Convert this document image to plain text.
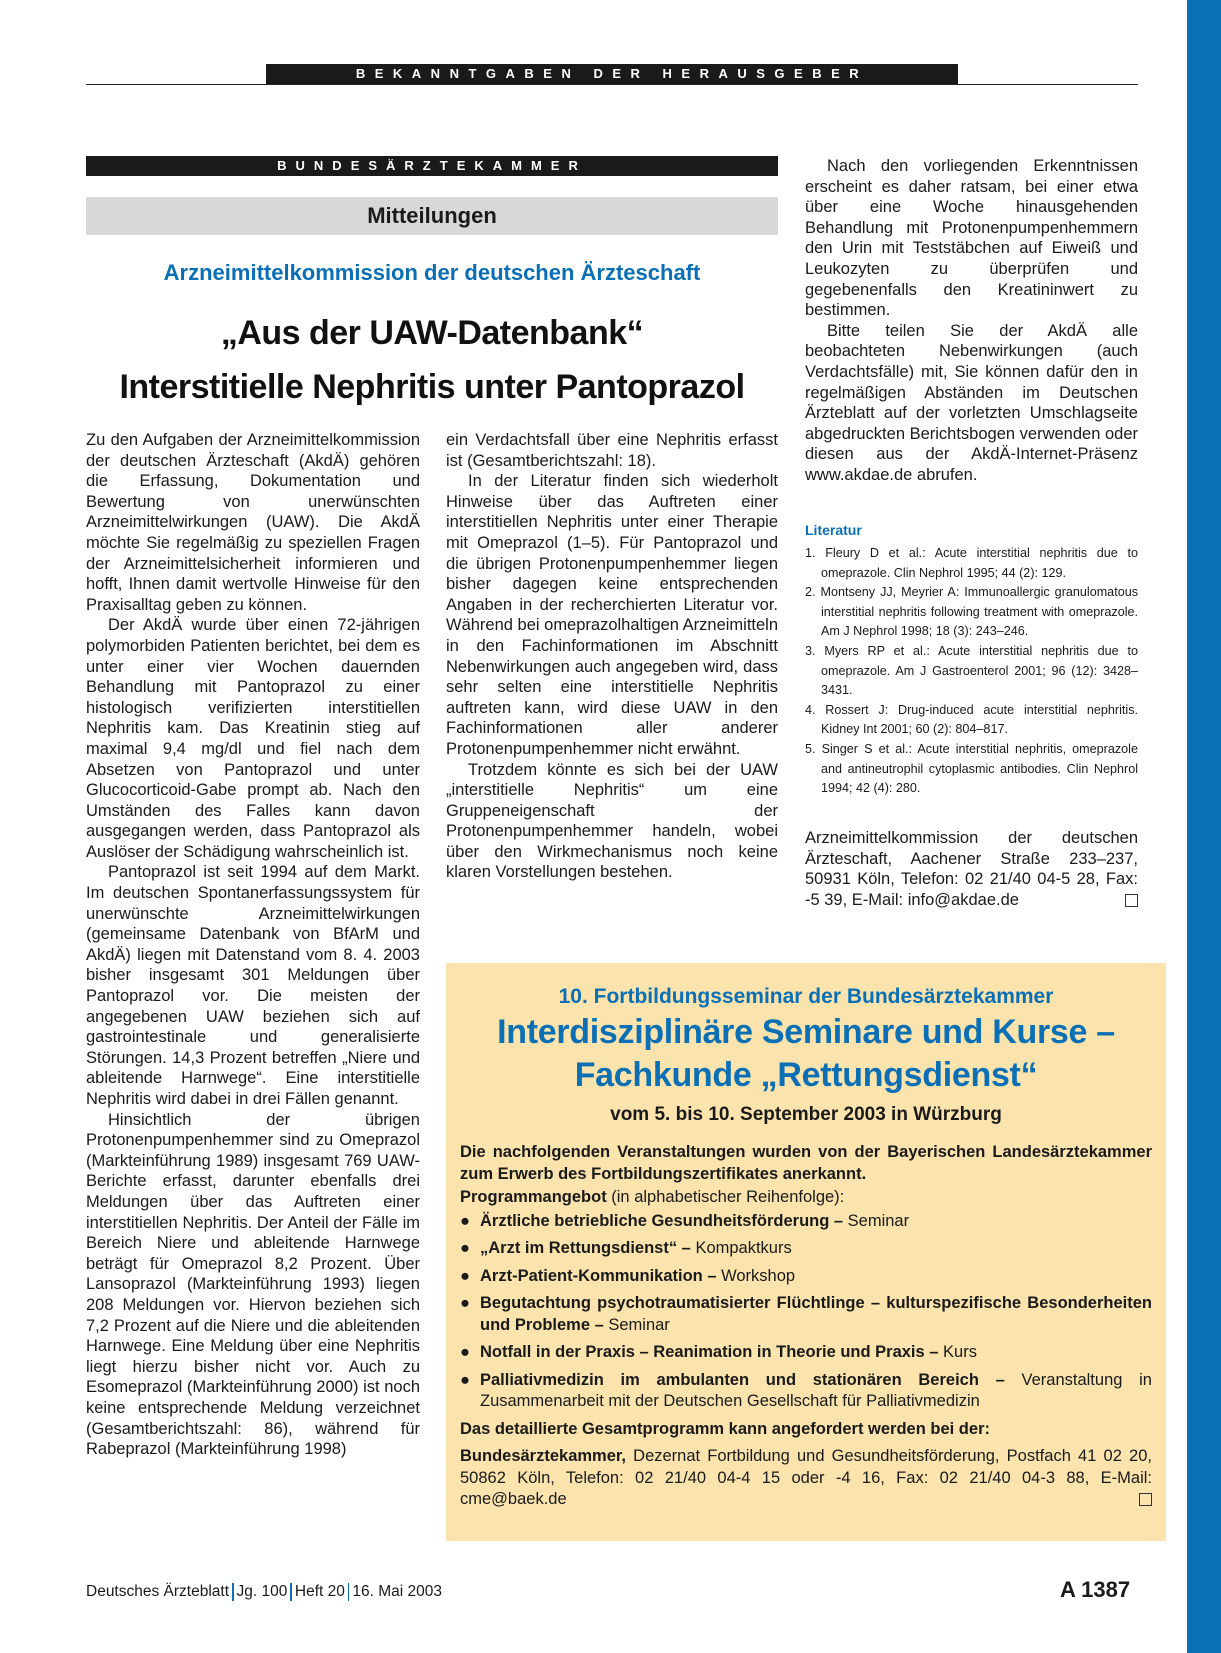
BEKANNTGABEN DER HERAUSGEBER
BUNDESÄRZTEKAMMER
Mitteilungen
Arzneimittelkommission der deutschen Ärzteschaft
„Aus der UAW-Datenbank“
Interstitielle Nephritis unter Pantoprazol

Zu den Aufgaben der Arzneimittelkommission der deutschen Ärzteschaft (AkdÄ) gehören die Erfassung, Dokumentation und Bewertung von unerwünschten Arzneimittelwirkungen (UAW). Die AkdÄ möchte Sie regelmäßig zu speziellen Fragen der Arzneimittelsicherheit informieren und hofft, Ihnen damit wertvolle Hinweise für den Praxisalltag geben zu können.

Der AkdÄ wurde über einen 72-jährigen polymorbiden Patienten berichtet, bei dem es unter einer vier Wochen dauernden Behandlung mit Pantoprazol zu einer histologisch verifizierten interstitiellen Nephritis kam. Das Kreatinin stieg auf maximal 9,4 mg/dl und fiel nach dem Absetzen von Pantoprazol und unter Glucocorticoid-Gabe prompt ab. Nach den Umständen des Falles kann davon ausgegangen werden, dass Pantoprazol als Auslöser der Schädigung wahrscheinlich ist.

Pantoprazol ist seit 1994 auf dem Markt. Im deutschen Spontanerfassungssystem für unerwünschte Arzneimittelwirkungen (gemeinsame Datenbank von BfArM und AkdÄ) liegen mit Datenstand vom 8. 4. 2003 bisher insgesamt 301 Meldungen über Pantoprazol vor. Die meisten der angegebenen UAW beziehen sich auf gastrointestinale und generalisierte Störungen. 14,3 Prozent betreffen „Niere und ableitende Harnwege“. Eine interstitielle Nephritis wird dabei in drei Fällen genannt.

Hinsichtlich der übrigen Protonenpumpenhemmer sind zu Omeprazol (Markteinführung 1989) insgesamt 769 UAW-Berichte erfasst, darunter ebenfalls drei Meldungen über das Auftreten einer interstitiellen Nephritis. Der Anteil der Fälle im Bereich Niere und ableitende Harnwege beträgt für Omeprazol 8,2 Prozent. Über Lansoprazol (Markteinführung 1993) liegen 208 Meldungen vor. Hiervon beziehen sich 7,2 Prozent auf die Niere und die ableitenden Harnwege. Eine Meldung über eine Nephritis liegt hierzu bisher nicht vor. Auch zu Esomeprazol (Markteinführung 2000) ist noch keine entsprechende Meldung verzeichnet (Gesamtberichtszahl: 86), während für Rabeprazol (Markteinführung 1998)

ein Verdachtsfall über eine Nephritis erfasst ist (Gesamtberichtszahl: 18).

In der Literatur finden sich wiederholt Hinweise über das Auftreten einer interstitiellen Nephritis unter einer Therapie mit Omeprazol (1–5). Für Pantoprazol und die übrigen Protonenpumpenhemmer liegen bisher dagegen keine entsprechenden Angaben in der recherchierten Literatur vor. Während bei omeprazolhaltigen Arzneimitteln in den Fachinformationen im Abschnitt Nebenwirkungen auch angegeben wird, dass sehr selten eine interstitielle Nephritis auftreten kann, wird diese UAW in den Fachinformationen aller anderer Protonenpumpenhemmer nicht erwähnt.

Trotzdem könnte es sich bei der UAW „interstitielle Nephritis“ um eine Gruppeneigenschaft der Protonenpumpenhemmer handeln, wobei über den Wirkmechanismus noch keine klaren Vorstellungen bestehen.

Nach den vorliegenden Erkenntnissen erscheint es daher ratsam, bei einer etwa über eine Woche hinausgehenden Behandlung mit Protonenpumpenhemmern den Urin mit Teststäbchen auf Eiweiß und Leukozyten zu überprüfen und gegebenenfalls den Kreatininwert zu bestimmen.

Bitte teilen Sie der AkdÄ alle beobachteten Nebenwirkungen (auch Verdachtsfälle) mit, Sie können dafür den in regelmäßigen Abständen im Deutschen Ärzteblatt auf der vorletzten Umschlagseite abgedruckten Berichtsbogen verwenden oder diesen aus der AkdÄ-Internet-Präsenz www.akdae.de abrufen.

Literatur

1. Fleury D et al.: Acute interstitial nephritis due to omeprazole. Clin Nephrol 1995; 44 (2): 129.
2. Montseny JJ, Meyrier A: Immunoallergic granulomatous interstitial nephritis following treatment with omeprazole. Am J Nephrol 1998; 18 (3): 243–246.
3. Myers RP et al.: Acute interstitial nephritis due to omeprazole. Am J Gastroenterol 2001; 96 (12): 3428–3431.
4. Rossert J: Drug-induced acute interstitial nephritis. Kidney Int 2001; 60 (2): 804–817.
5. Singer S et al.: Acute interstitial nephritis, omeprazole and antineutrophil cytoplasmic antibodies. Clin Nephrol 1994; 42 (4): 280.

Arzneimittelkommission der deutschen Ärzteschaft, Aachener Straße 233–237, 50931 Köln, Telefon: 02 21/40 04-5 28, Fax: -5 39, E-Mail: info@akdae.de

10. Fortbildungsseminar der Bundesärztekammer
Interdisziplinäre Seminare und Kurse –
Fachkunde „Rettungsdienst“
vom 5. bis 10. September 2003 in Würzburg

Die nachfolgenden Veranstaltungen wurden von der Bayerischen Landesärztekammer zum Erwerb des Fortbildungszertifikates anerkannt.

Programmangebot (in alphabetischer Reihenfolge):

● Ärztliche betriebliche Gesundheitsförderung – Seminar
● „Arzt im Rettungsdienst“ – Kompaktkurs
● Arzt-Patient-Kommunikation – Workshop
● Begutachtung psychotraumatisierter Flüchtlinge – kulturspezifische Besonderheiten und Probleme – Seminar
● Notfall in der Praxis – Reanimation in Theorie und Praxis – Kurs
● Palliativmedizin im ambulanten und stationären Bereich – Veranstaltung in Zusammenarbeit mit der Deutschen Gesellschaft für Palliativmedizin

Das detaillierte Gesamtprogramm kann angefordert werden bei der:

Bundesärztekammer, Dezernat Fortbildung und Gesundheitsförderung, Postfach 41 02 20, 50862 Köln, Telefon: 02 21/40 04-4 15 oder -4 16, Fax: 02 21/40 04-3 88, E-Mail: cme@baek.de

Deutsches Ärzteblatt Jg. 100 Heft 20 16. Mai 2003	A 1387
